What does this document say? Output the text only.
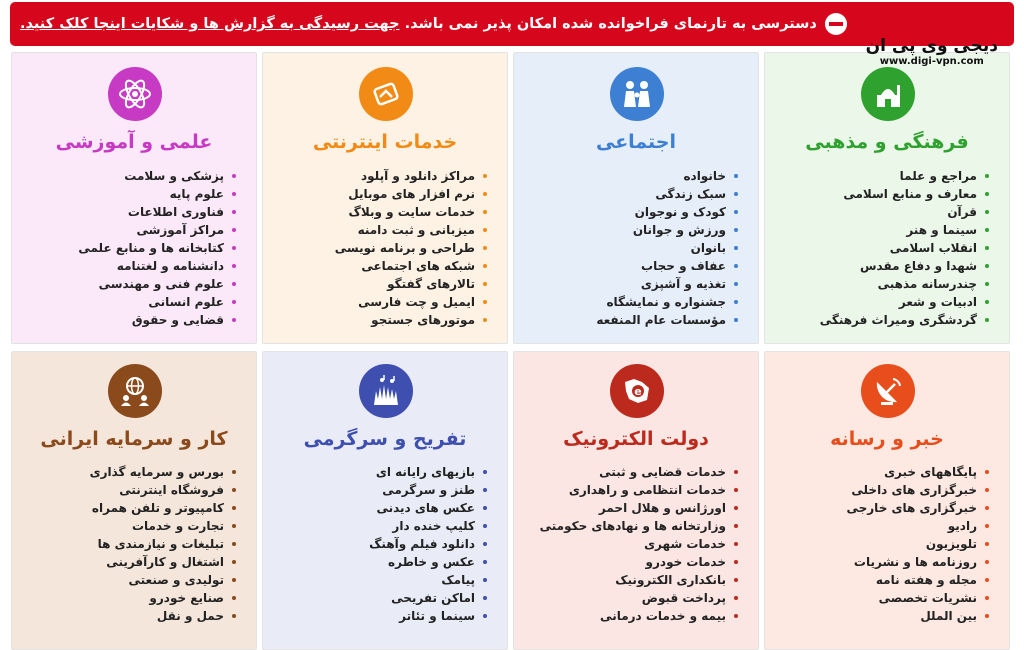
دسترسی به تارنمای فراخوانده شده امکان پذیر نمی باشد. جهت رسیدگی به گزارش ها و شکایات اینجا کلک کنید.
دیجی وی پی ان
www.digi-vpn.com
فرهنگی و مذهبی
مراجع و علما
معارف و منابع اسلامی
قرآن
سینما و هنر
انقلاب اسلامی
شهدا و دفاع مقدس
چندرسانه مذهبی
ادبیات و شعر
گردشگری ومیراث فرهنگی
اجتماعی
خانواده
سبک زندگی
کودک و نوجوان
ورزش و جوانان
بانوان
عفاف و حجاب
تغذیه و آشپزی
جشنواره و نمایشگاه
مؤسسات عام المنفعه
خدمات اینترنتی
مراکز دانلود و آپلود
نرم افزار های موبایل
خدمات سایت و وبلاگ
میزبانی و ثبت دامنه
طراحی و برنامه نویسی
شبکه های اجتماعی
تالارهای گفتگو
ایمیل و چت فارسی
موتورهای جستجو
علمی و آموزشی
پزشکی و سلامت
علوم پایه
فناوری اطلاعات
مراکز آموزشی
کتابخانه ها و منابع علمی
دانشنامه و لغتنامه
علوم فنی و مهندسی
علوم انسانی
قضایی و حقوق
خبر و رسانه
پایگاههای خبری
خبرگزاری های داخلی
خبرگزاری های خارجی
رادیو
تلویزیون
روزنامه ها و نشریات
مجله و هفته نامه
نشریات تخصصی
بین الملل
e
دولت الکترونیک
خدمات قضایی و ثبتی
خدمات انتظامی و راهداری
اورژانس و هلال احمر
وزارتخانه ها و نهادهای حکومتی
خدمات شهری
خدمات خودرو
بانکداری الکترونیک
پرداخت قبوض
بیمه و خدمات درمانی
تفریح و سرگرمی
بازیهای رایانه ای
طنز و سرگرمی
عکس های دیدنی
کلیپ خنده دار
دانلود فیلم وآهنگ
عکس و خاطره
پیامک
اماکن تفریحی
سینما و تئاتر
کار و سرمایه ایرانی
بورس و سرمایه گذاری
فروشگاه اینترنتی
کامپیوتر و تلفن همراه
تجارت و خدمات
تبلیغات و نیازمندی ها
اشتغال و کارآفرینی
تولیدی و صنعتی
صنایع خودرو
حمل و نقل
